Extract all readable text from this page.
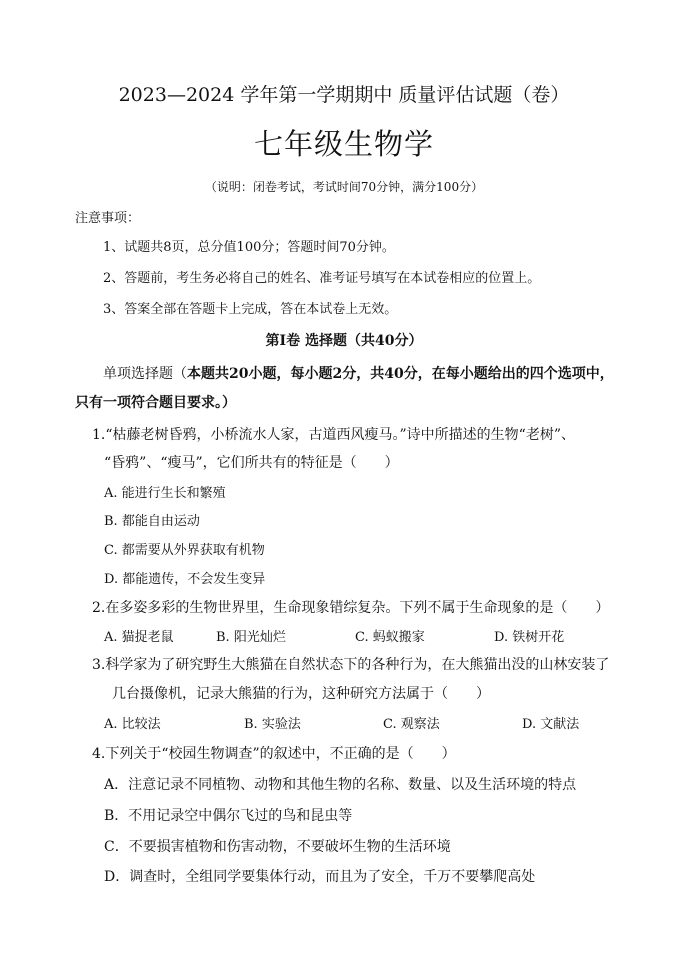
2023—2024 学年第一学期期中 质量评估试题（卷）
七年级生物学
（说明：闭卷考试，考试时间70分钟，满分100分）
注意事项：
1、试题共8页，总分值100分；答题时间70分钟。
2、答题前，考生务必将自己的姓名、准考证号填写在本试卷相应的位置上。
3、答案全部在答题卡上完成，答在本试卷上无效。
第Ⅰ卷 选择题（共40分）
单项选择题（本题共20小题，每小题2分，共40分，在每小题给出的四个选项中，
只有一项符合题目要求。）
1.“枯藤老树昏鸦，小桥流水人家，古道西风瘦马。”诗中所描述的生物“老树”、
“昏鸦”、“瘦马”，它们所共有的特征是（　　）
A. 能进行生长和繁殖
B. 都能自由运动
C. 都需要从外界获取有机物
D. 都能遗传，不会发生变异
2.在多姿多彩的生物世界里，生命现象错综复杂。下列不属于生命现象的是（　　）
A. 猫捉老鼠	B. 阳光灿烂	C. 蚂蚁搬家	D. 铁树开花
3.科学家为了研究野生大熊猫在自然状态下的各种行为，在大熊猫出没的山林安装了
几台摄像机，记录大熊猫的行为，这种研究方法属于（　　）
A. 比较法	B. 实验法	C. 观察法	D. 文献法
4.下列关于“校园生物调查”的叙述中，不正确的是（　　）
A．注意记录不同植物、动物和其他生物的名称、数量、以及生活环境的特点
B．不用记录空中偶尔飞过的鸟和昆虫等
C．不要损害植物和伤害动物，不要破坏生物的生活环境
D．调查时，全组同学要集体行动，而且为了安全，千万不要攀爬高处
